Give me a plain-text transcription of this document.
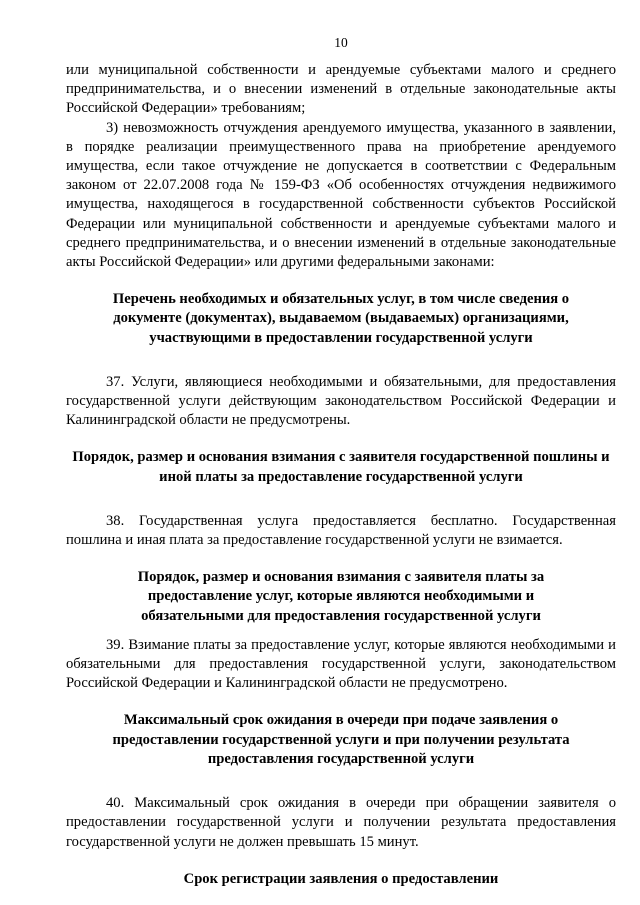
10

или муниципальной собственности и арендуемые субъектами малого и среднего предпринимательства, и о внесении изменений в отдельные законодательные акты Российской Федерации» требованиям;

3) невозможность отчуждения арендуемого имущества, указанного в заявлении, в порядке реализации преимущественного права на приобретение арендуемого имущества, если такое отчуждение не допускается в соответствии с Федеральным законом от 22.07.2008 года № 159-ФЗ «Об особенностях отчуждения недвижимого имущества, находящегося в государственной собственности субъектов Российской Федерации или муниципальной собственности и арендуемые субъектами малого и среднего предпринимательства, и о внесении изменений в отдельные законодательные акты Российской Федерации» или другими федеральными законами:

Перечень необходимых и обязательных услуг, в том числе сведения о документе (документах), выдаваемом (выдаваемых) организациями, участвующими в предоставлении государственной услуги

37. Услуги, являющиеся необходимыми и обязательными, для предоставления государственной услуги действующим законодательством Российской Федерации и Калининградской области не предусмотрены.

Порядок, размер и основания взимания с заявителя государственной пошлины и иной платы за предоставление государственной услуги

38. Государственная услуга предоставляется бесплатно. Государственная пошлина и иная плата за предоставление государственной услуги не взимается.

Порядок, размер и основания взимания с заявителя платы за предоставление услуг, которые являются необходимыми и обязательными для предоставления государственной услуги

39. Взимание платы за предоставление услуг, которые являются необходимыми и обязательными для предоставления государственной услуги, законодательством Российской Федерации и Калининградской области не предусмотрено.

Максимальный срок ожидания в очереди при подаче заявления о предоставлении государственной услуги и при получении результата предоставления государственной услуги

40. Максимальный срок ожидания в очереди при обращении заявителя о предоставлении государственной услуги и получении результата предоставления государственной услуги не должен превышать 15 минут.

Срок регистрации заявления о предоставлении
